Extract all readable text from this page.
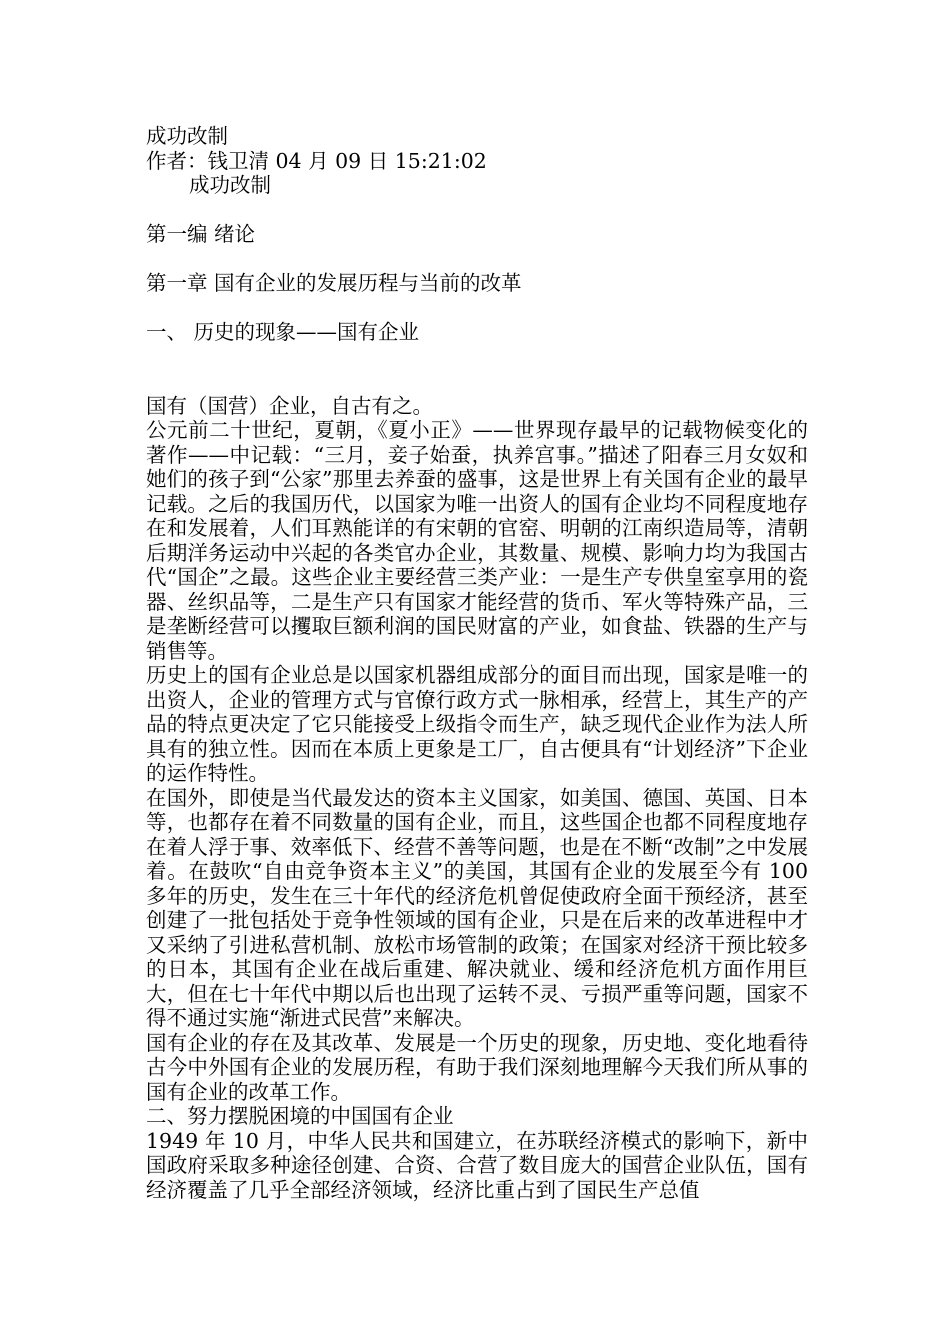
成功改制
作者：钱卫清 04 月 09 日 15:21:02
成功改制
第一编 绪论
第一章 国有企业的发展历程与当前的改革
一、 历史的现象——国有企业
国有（国营）企业，自古有之。
公元前二十世纪，夏朝，《夏小正》——世界现存最早的记载物候变化的著作——中记载：“三月，妾子始蚕，执养宫事。”描述了阳春三月女奴和她们的孩子到“公家”那里去养蚕的盛事，这是世界上有关国有企业的最早记载。之后的我国历代，以国家为唯一出资人的国有企业均不同程度地存在和发展着，人们耳熟能详的有宋朝的官窑、明朝的江南织造局等，清朝后期洋务运动中兴起的各类官办企业，其数量、规模、影响力均为我国古代“国企”之最。这些企业主要经营三类产业：一是生产专供皇室享用的瓷器、丝织品等，二是生产只有国家才能经营的货币、军火等特殊产品，三是垄断经营可以攫取巨额利润的国民财富的产业，如食盐、铁器的生产与销售等。
历史上的国有企业总是以国家机器组成部分的面目而出现，国家是唯一的出资人，企业的管理方式与官僚行政方式一脉相承，经营上，其生产的产品的特点更决定了它只能接受上级指令而生产，缺乏现代企业作为法人所具有的独立性。因而在本质上更象是工厂，自古便具有“计划经济”下企业的运作特性。
在国外，即使是当代最发达的资本主义国家，如美国、德国、英国、日本等，也都存在着不同数量的国有企业，而且，这些国企也都不同程度地存在着人浮于事、效率低下、经营不善等问题，也是在不断“改制”之中发展着。在鼓吹“自由竞争资本主义”的美国，其国有企业的发展至今有 100 多年的历史，发生在三十年代的经济危机曾促使政府全面干预经济，甚至创建了一批包括处于竞争性领域的国有企业，只是在后来的改革进程中才又采纳了引进私营机制、放松市场管制的政策；在国家对经济干预比较多的日本，其国有企业在战后重建、解决就业、缓和经济危机方面作用巨大，但在七十年代中期以后也出现了运转不灵、亏损严重等问题，国家不得不通过实施“渐进式民营”来解决。
国有企业的存在及其改革、发展是一个历史的现象，历史地、变化地看待古今中外国有企业的发展历程，有助于我们深刻地理解今天我们所从事的国有企业的改革工作。
二、努力摆脱困境的中国国有企业
1949 年 10 月，中华人民共和国建立，在苏联经济模式的影响下，新中国政府采取多种途径创建、合资、合营了数目庞大的国营企业队伍，国有经济覆盖了几乎全部经济领域，经济比重占到了国民生产总值
